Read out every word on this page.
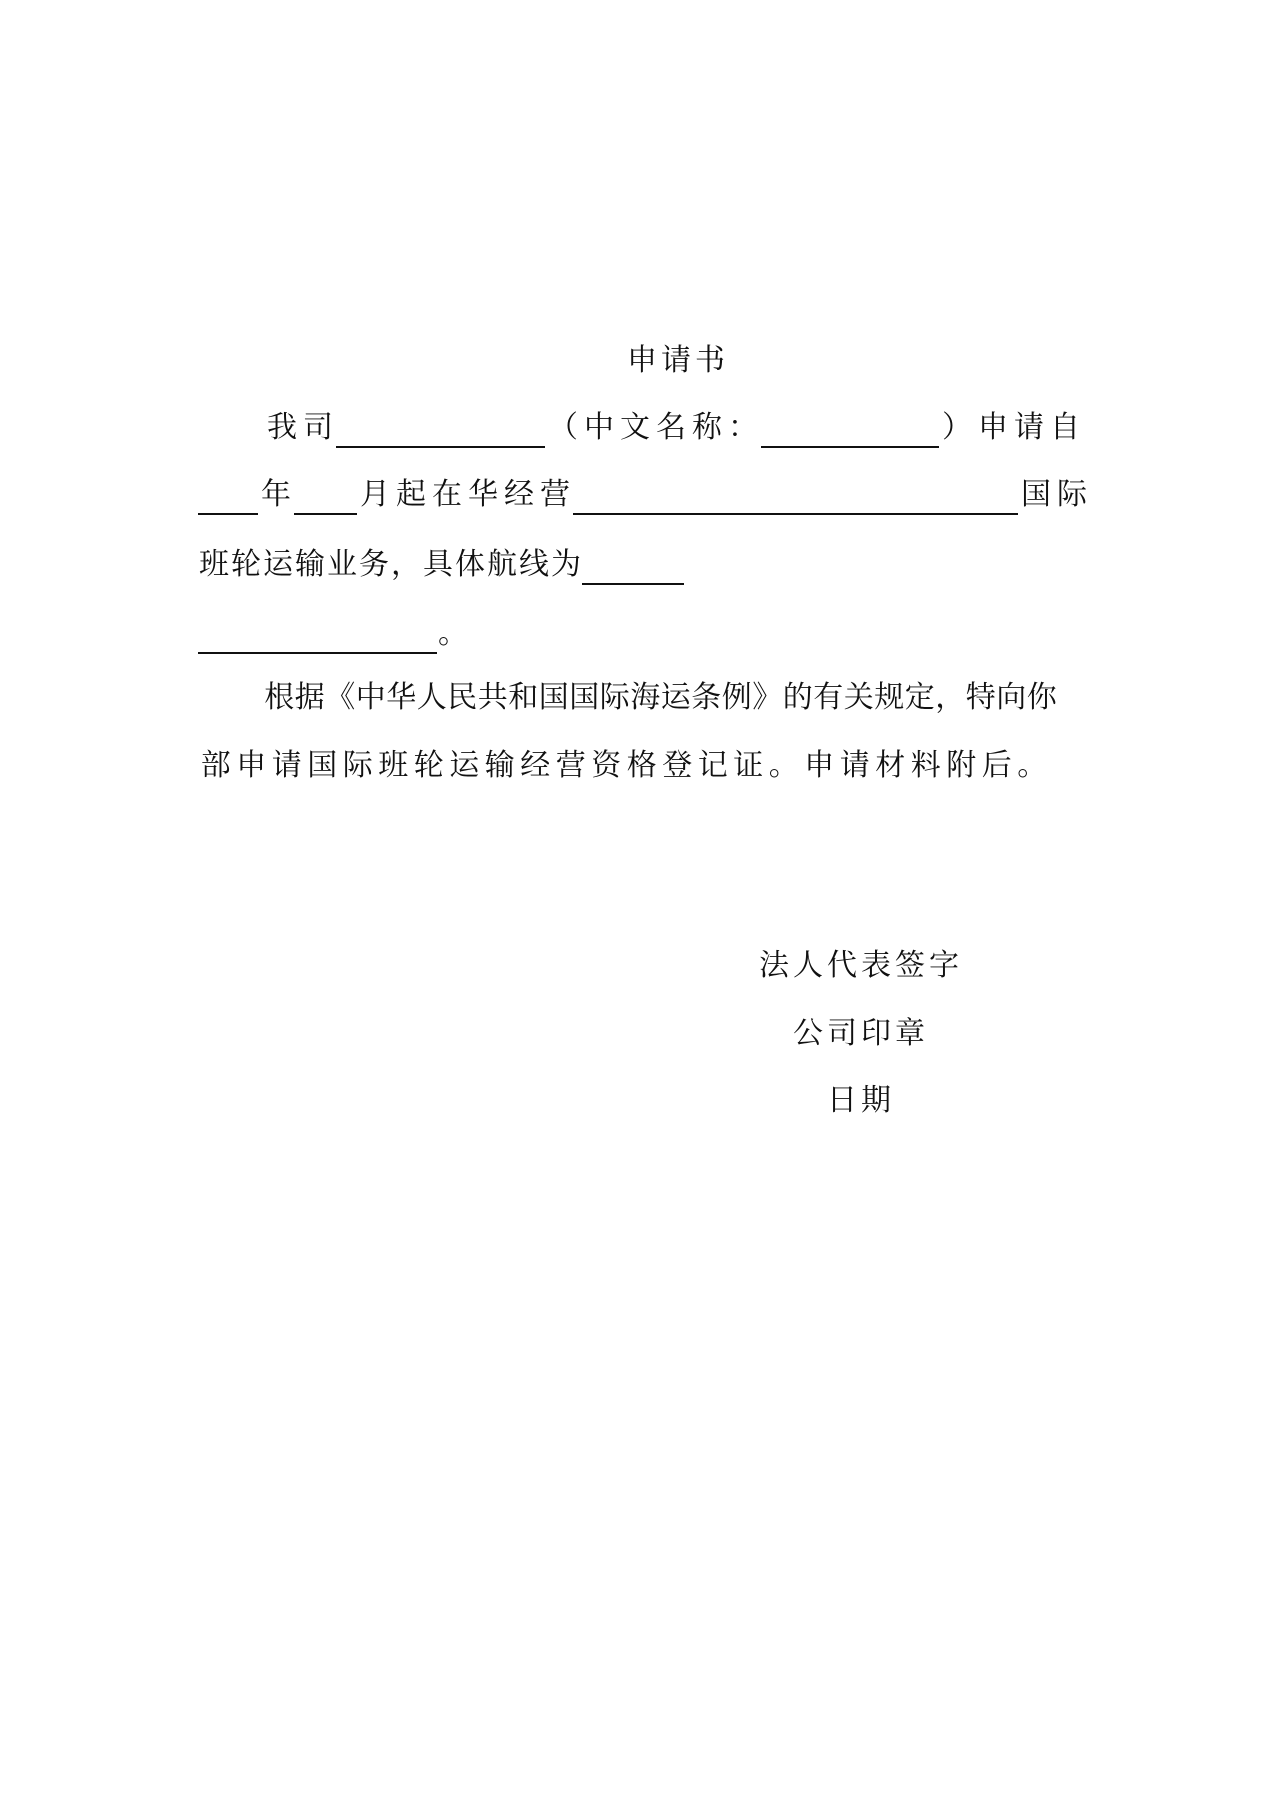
申请书
我 司	（ 中 文 名 称 ：	） 申 请 自
年 月 起 在 华 经 营	国 际
班 轮 运 输 业 务 ， 具 体 航 线 为
。
根 据 《 中 华 人 民 共 和 国 国 际 海 运 条 例 》 的 有 关 规 定 ， 特 向 你
部 申 请 国 际 班 轮 运 输 经 营 资 格 登 记 证 。 申 请 材 料 附 后 。
法人代表签字
公司印章
日期
